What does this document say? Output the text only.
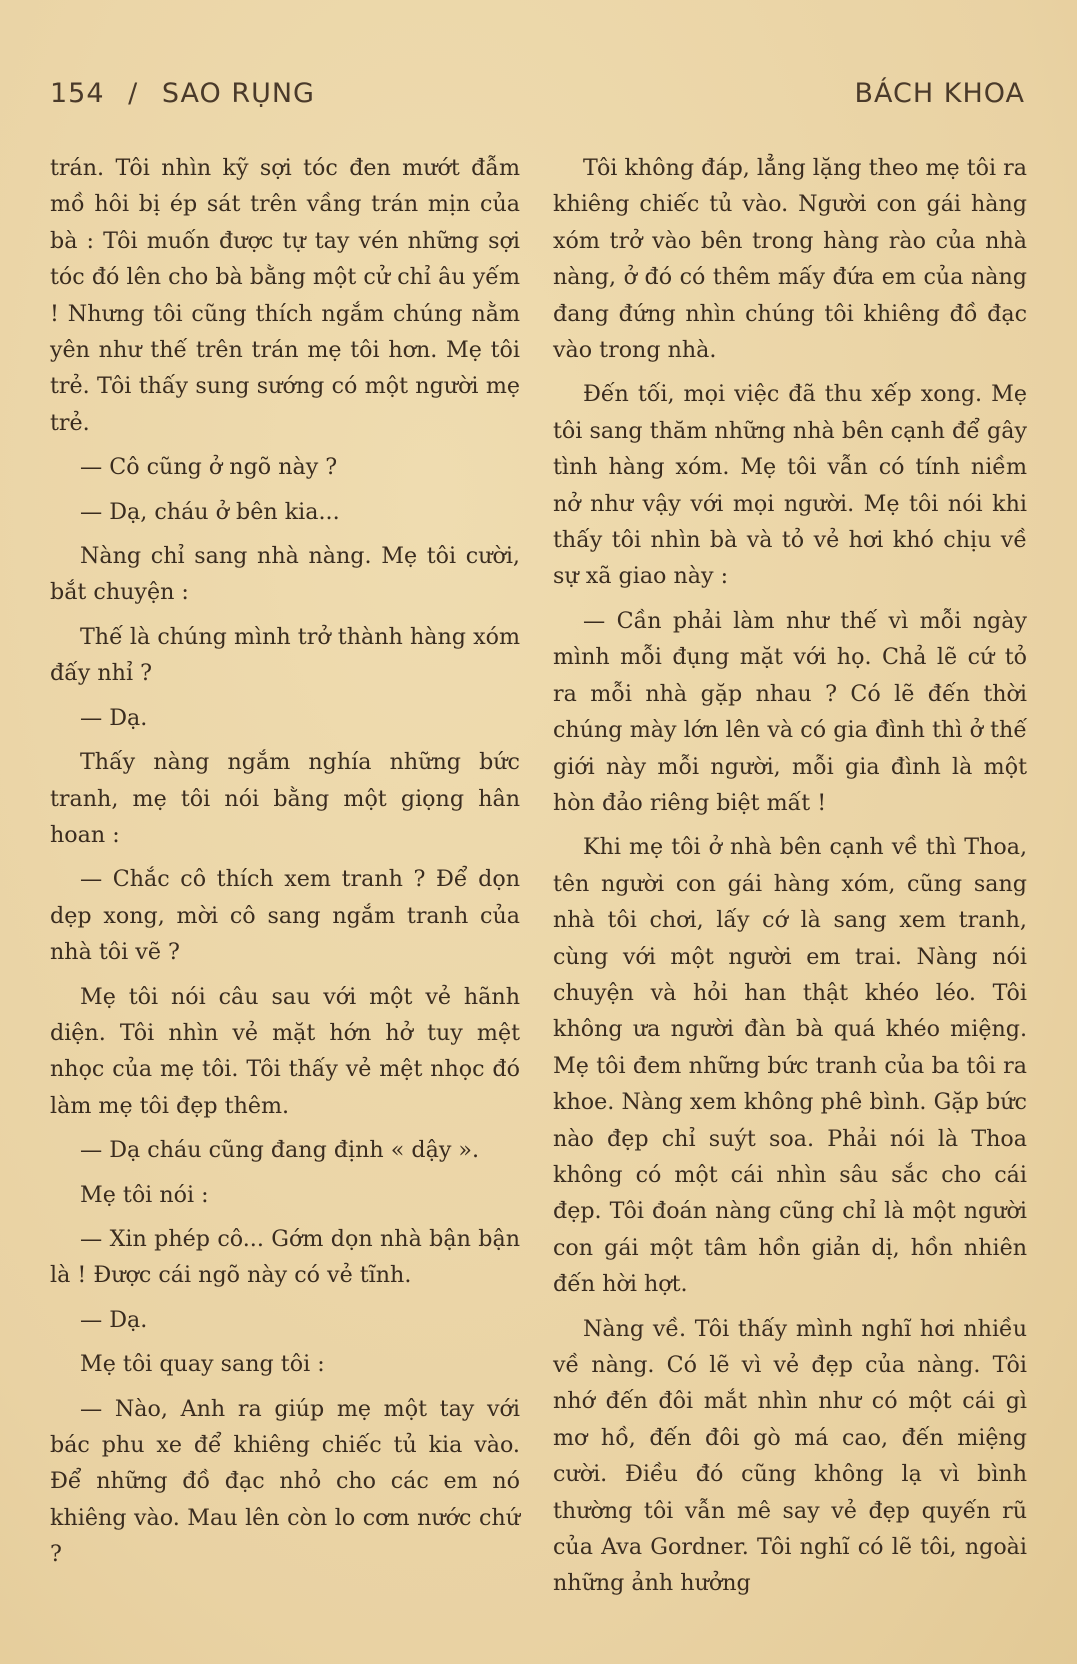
154 / SAO RỤNG	BÁCH KHOA

trán. Tôi nhìn kỹ sợi tóc đen mướt đẫm mồ hôi bị ép sát trên vầng trán mịn của bà : Tôi muốn được tự tay vén những sợi tóc đó lên cho bà bằng một cử chỉ âu yếm ! Nhưng tôi cũng thích ngắm chúng nằm yên như thế trên trán mẹ tôi hơn. Mẹ tôi trẻ. Tôi thấy sung sướng có một người mẹ trẻ.

— Cô cũng ở ngõ này ?

— Dạ, cháu ở bên kia...

Nàng chỉ sang nhà nàng. Mẹ tôi cười, bắt chuyện :

Thế là chúng mình trở thành hàng xóm đấy nhỉ ?

— Dạ.

Thấy nàng ngắm nghía những bức tranh, mẹ tôi nói bằng một giọng hân hoan :

— Chắc cô thích xem tranh ? Để dọn dẹp xong, mời cô sang ngắm tranh của nhà tôi vẽ ?

Mẹ tôi nói câu sau với một vẻ hãnh diện. Tôi nhìn vẻ mặt hớn hở tuy mệt nhọc của mẹ tôi. Tôi thấy vẻ mệt nhọc đó làm mẹ tôi đẹp thêm.

— Dạ cháu cũng đang định « dậy ».

Mẹ tôi nói :

— Xin phép cô... Gớm dọn nhà bận bận là ! Được cái ngõ này có vẻ tĩnh.

— Dạ.

Mẹ tôi quay sang tôi :

— Nào, Anh ra giúp mẹ một tay với bác phu xe để khiêng chiếc tủ kia vào. Để những đồ đạc nhỏ cho các em nó khiêng vào. Mau lên còn lo cơm nước chứ ?

Tôi không đáp, lẳng lặng theo mẹ tôi ra khiêng chiếc tủ vào. Người con gái hàng xóm trở vào bên trong hàng rào của nhà nàng, ở đó có thêm mấy đứa em của nàng đang đứng nhìn chúng tôi khiêng đồ đạc vào trong nhà.

Đến tối, mọi việc đã thu xếp xong. Mẹ tôi sang thăm những nhà bên cạnh để gây tình hàng xóm. Mẹ tôi vẫn có tính niềm nở như vậy với mọi người. Mẹ tôi nói khi thấy tôi nhìn bà và tỏ vẻ hơi khó chịu về sự xã giao này :

— Cần phải làm như thế vì mỗi ngày mình mỗi đụng mặt với họ. Chả lẽ cứ tỏ ra mỗi nhà gặp nhau ? Có lẽ đến thời chúng mày lớn lên và có gia đình thì ở thế giới này mỗi người, mỗi gia đình là một hòn đảo riêng biệt mất !

Khi mẹ tôi ở nhà bên cạnh về thì Thoa, tên người con gái hàng xóm, cũng sang nhà tôi chơi, lấy cớ là sang xem tranh, cùng với một người em trai. Nàng nói chuyện và hỏi han thật khéo léo. Tôi không ưa người đàn bà quá khéo miệng. Mẹ tôi đem những bức tranh của ba tôi ra khoe. Nàng xem không phê bình. Gặp bức nào đẹp chỉ suýt soa. Phải nói là Thoa không có một cái nhìn sâu sắc cho cái đẹp. Tôi đoán nàng cũng chỉ là một người con gái một tâm hồn giản dị, hồn nhiên đến hời hợt.

Nàng về. Tôi thấy mình nghĩ hơi nhiều về nàng. Có lẽ vì vẻ đẹp của nàng. Tôi nhớ đến đôi mắt nhìn như có một cái gì mơ hồ, đến đôi gò má cao, đến miệng cười. Điều đó cũng không lạ vì bình thường tôi vẫn mê say vẻ đẹp quyến rũ của Ava Gordner. Tôi nghĩ có lẽ tôi, ngoài những ảnh hưởng
